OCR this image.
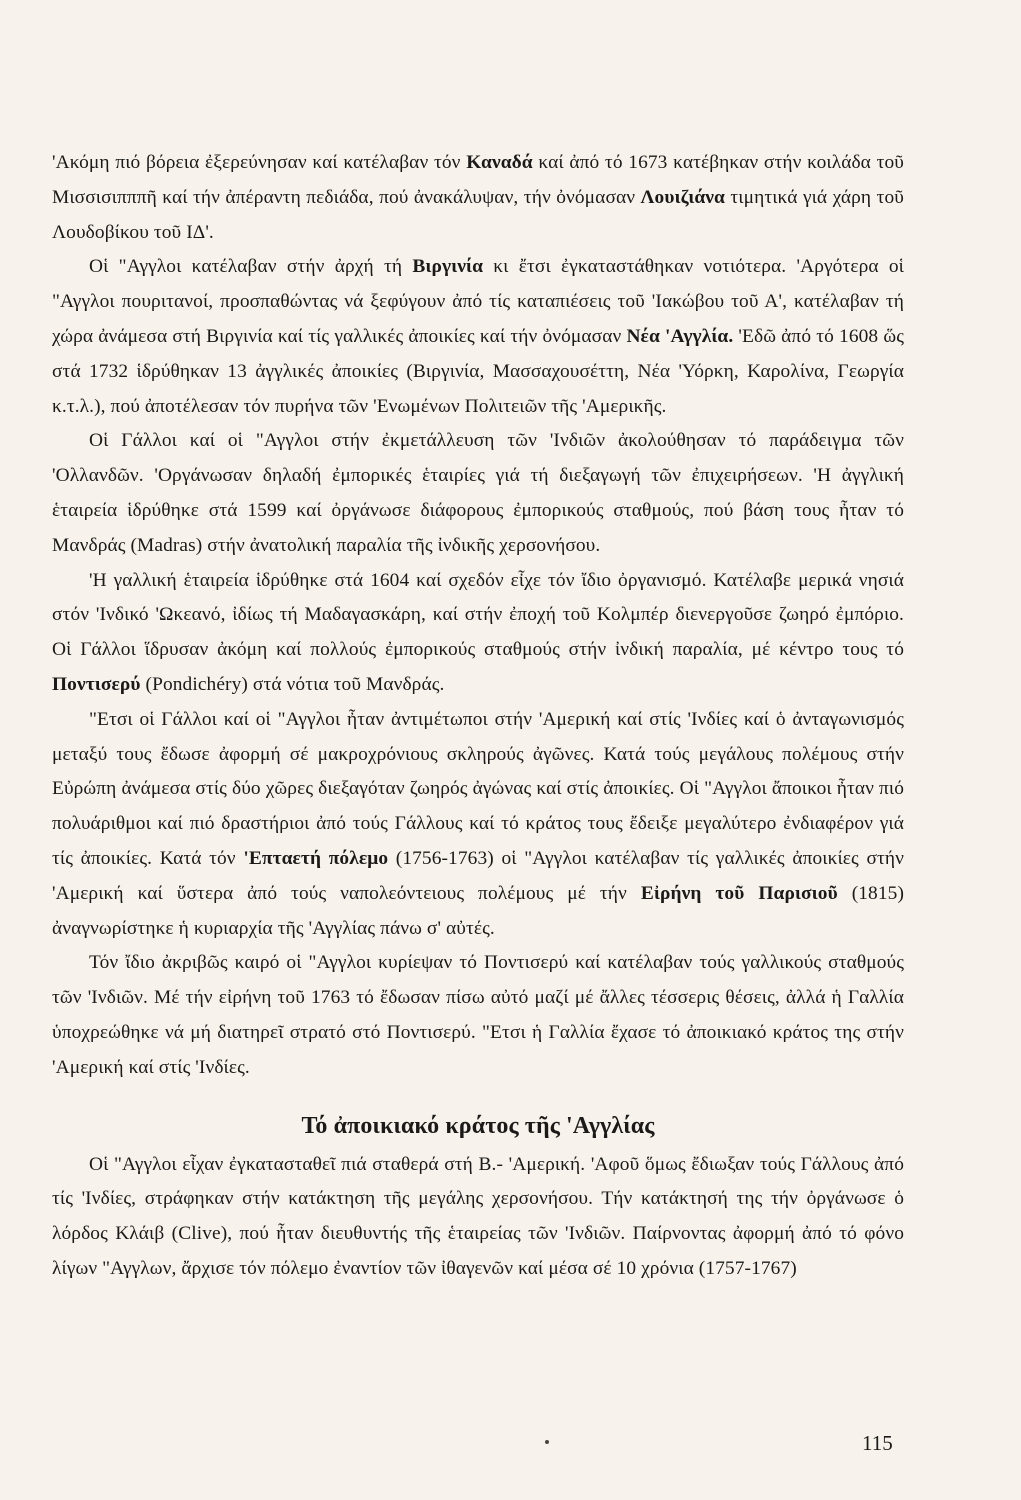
'Ακόμη πιό βόρεια ἐξερεύνησαν καί κατέλαβαν τόν Καναδά καί ἀπό τό 1673 κατέβηκαν στήν κοιλάδα τοῦ Μισσισιπππῆ καί τήν ἀπέραντη πεδιάδα, πού ἀνακάλυψαν, τήν ὀνόμασαν Λουιζιάνα τιμητικά γιά χάρη τοῦ Λουδοβίκου τοῦ ΙΔ'.

Οἱ "Αγγλοι κατέλαβαν στήν ἀρχή τή Βιργινία κι ἔτσι ἐγκαταστάθηκαν νοτιότερα. 'Αργότερα οἱ "Αγγλοι πουριτανοί, προσπαθώντας νά ξεφύγουν ἀπό τίς καταπιέσεις τοῦ 'Ιακώβου τοῦ Α', κατέλαβαν τή χώρα ἀνάμεσα στή Βιργινία καί τίς γαλλικές ἀποικίες καί τήν ὀνόμασαν Νέα 'Αγγλία. 'Εδῶ ἀπό τό 1608 ὥς στά 1732 ἱδρύθηκαν 13 ἀγγλικές ἀποικίες (Βιργινία, Μασσαχουσέττη, Νέα 'Υόρκη, Καρολίνα, Γεωργία κ.τ.λ.), πού ἀποτέλεσαν τόν πυρήνα τῶν 'Ενωμένων Πολιτειῶν τῆς 'Αμερικῆς.

Οἱ Γάλλοι καί οἱ "Αγγλοι στήν ἐκμετάλλευση τῶν 'Ινδιῶν ἀκολούθησαν τό παράδειγμα τῶν 'Ολλανδῶν. 'Οργάνωσαν δηλαδή ἐμπορικές ἑταιρίες γιά τή διεξαγωγή τῶν ἐπιχειρήσεων. 'Η ἀγγλική ἑταιρεία ἱδρύθηκε στά 1599 καί ὀργάνωσε διάφορους ἐμπορικούς σταθμούς, πού βάση τους ἦταν τό Μανδράς (Madras) στήν ἀνατολική παραλία τῆς ἰνδικῆς χερσονήσου.

'Η γαλλική ἑταιρεία ἱδρύθηκε στά 1604 καί σχεδόν εἶχε τόν ἴδιο ὀργανισμό. Κατέλαβε μερικά νησιά στόν 'Ινδικό 'Ωκεανό, ἰδίως τή Μαδαγασκάρη, καί στήν ἐποχή τοῦ Κολμπέρ διενεργοῦσε ζωηρό ἐμπόριο. Οἱ Γάλλοι ἵδρυσαν ἀκόμη καί πολλούς ἐμπορικούς σταθμούς στήν ἰνδική παραλία, μέ κέντρο τους τό Ποντισερύ (Pondichéry) στά νότια τοῦ Μανδράς.

"Ετσι οἱ Γάλλοι καί οἱ "Αγγλοι ἦταν ἀντιμέτωποι στήν 'Αμερική καί στίς 'Ινδίες καί ὁ ἀνταγωνισμός μεταξύ τους ἔδωσε ἀφορμή σέ μακροχρόνιους σκληρούς ἀγῶνες. Κατά τούς μεγάλους πολέμους στήν Εὐρώπη ἀνάμεσα στίς δύο χῶρες διεξαγόταν ζωηρός ἀγώνας καί στίς ἀποικίες. Οἱ "Αγγλοι ἄποικοι ἦταν πιό πολυάριθμοι καί πιό δραστήριοι ἀπό τούς Γάλλους καί τό κράτος τους ἔδειξε μεγαλύτερο ἐνδιαφέρον γιά τίς ἀποικίες. Κατά τόν 'Επταετή πόλεμο (1756-1763) οἱ "Αγγλοι κατέλαβαν τίς γαλλικές ἀποικίες στήν 'Αμερική καί ὕστερα ἀπό τούς ναπολεόντειους πολέμους μέ τήν Εἰρήνη τοῦ Παρισιοῦ (1815) ἀναγνωρίστηκε ἡ κυριαρχία τῆς 'Αγγλίας πάνω σ' αὐτές.

Τόν ἴδιο ἀκριβῶς καιρό οἱ "Αγγλοι κυρίεψαν τό Ποντισερύ καί κατέλαβαν τούς γαλλικούς σταθμούς τῶν 'Ινδιῶν. Μέ τήν εἰρήνη τοῦ 1763 τό ἔδωσαν πίσω αὐτό μαζί μέ ἄλλες τέσσερις θέσεις, ἀλλά ἡ Γαλλία ὑποχρεώθηκε νά μή διατηρεῖ στρατό στό Ποντισερύ. "Ετσι ἡ Γαλλία ἔχασε τό ἀποικιακό κράτος της στήν 'Αμερική καί στίς 'Ινδίες.

Τό ἀποικιακό κράτος τῆς 'Αγγλίας

Οἱ "Αγγλοι εἶχαν ἐγκατασταθεῖ πιά σταθερά στή Β.- 'Αμερική. 'Αφοῦ ὅμως ἔδιωξαν τούς Γάλλους ἀπό τίς 'Ινδίες, στράφηκαν στήν κατάκτηση τῆς μεγάλης χερσονήσου. Τήν κατάκτησή της τήν ὀργάνωσε ὁ λόρδος Κλάιβ (Clive), πού ἦταν διευθυντής τῆς ἑταιρείας τῶν 'Ινδιῶν. Παίρνοντας ἀφορμή ἀπό τό φόνο λίγων "Αγγλων, ἄρχισε τόν πόλεμο ἐναντίον τῶν ἰθαγενῶν καί μέσα σέ 10 χρόνια (1757-1767)

115
